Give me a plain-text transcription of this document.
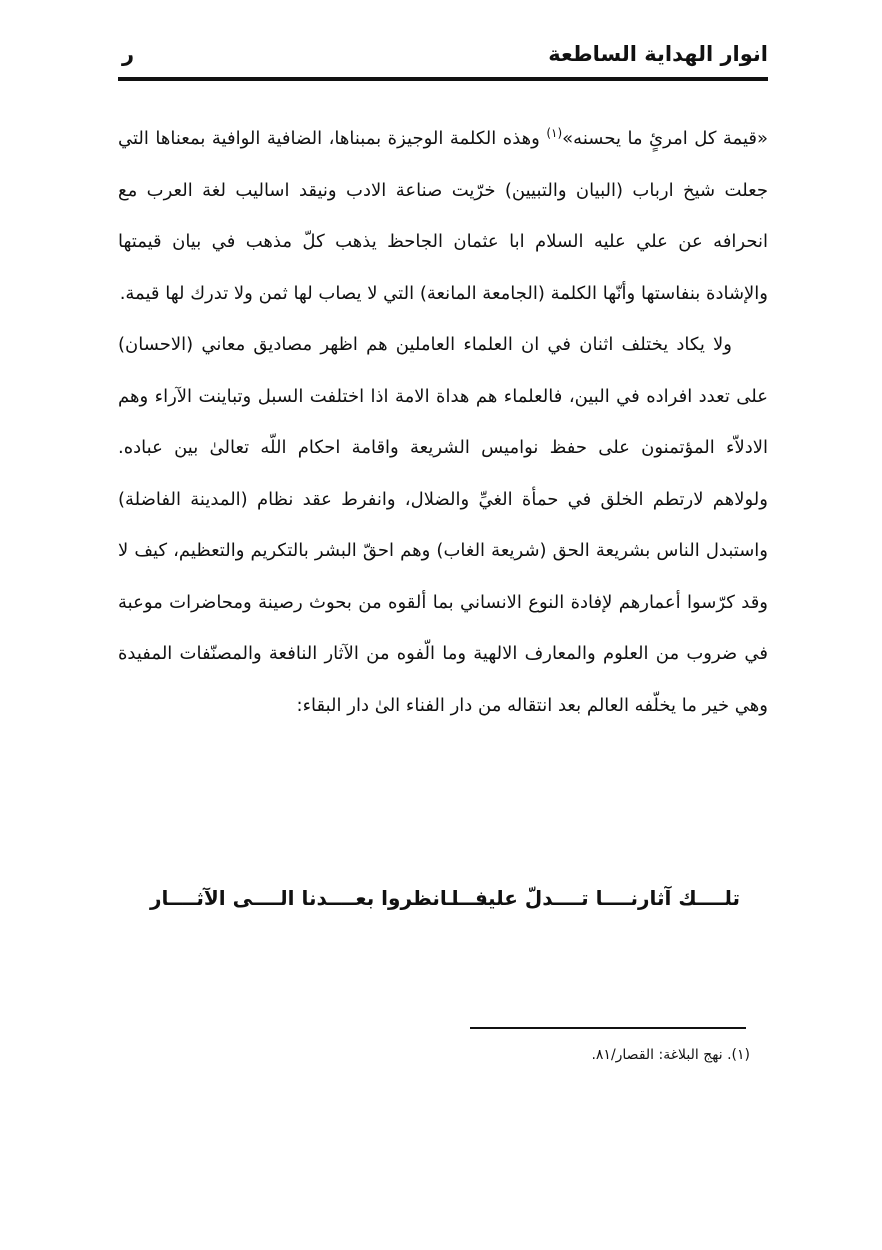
انوار الهداية الساطعة
ر

«قيمة كل امرئٍ ما يحسنه»$^{(١)}$ وهذه الكلمة الوجيزة بمبناها، الضافية الوافية بمعناها التي جعلت شيخ ارباب (البيان والتبيين) خرّيت صناعة الادب ونيقد اساليب لغة العرب مع انحرافه عن علي عليه السلام ابا عثمان الجاحظ يذهب كلّ مذهب في بيان قيمتها والإشادة بنفاستها وأنّها الكلمة (الجامعة المانعة) التي لا يصاب لها ثمن ولا تدرك لها قيمة.

ولا يكاد يختلف اثنان في ان العلماء العاملين هم اظهر مصاديق معاني (الاحسان) على تعدد افراده في البين، فالعلماء هم هداة الامة اذا اختلفت السبل وتباينت الآراء وهم الادلاّء المؤتمنون على حفظ نواميس الشريعة واقامة احكام اللّه تعالىٰ بين عباده. ولولاهم لارتطم الخلق في حمأة الغيِّ والضلال، وانفرط عقد نظام (المدينة الفاضلة) واستبدل الناس بشريعة الحق (شريعة الغاب) وهم احقّ البشر بالتكريم والتعظيم، كيف لا وقد كرّسوا أعمارهم لإفادة النوع الانساني بما ألقوه من بحوث رصينة ومحاضرات موعبة في ضروب من العلوم والمعارف الالهية وما الّفوه من الآثار النافعة والمصنّفات المفيدة وهي خير ما يخلّفه العالم بعد انتقاله من دار الفناء الىٰ دار البقاء:

تلــــك آثارنــــا تــــدلّ علينـــا
فــــانظروا بعــــدنا الــــى الآثــــار
(١). نهج البلاغة: القصار/٨١.
